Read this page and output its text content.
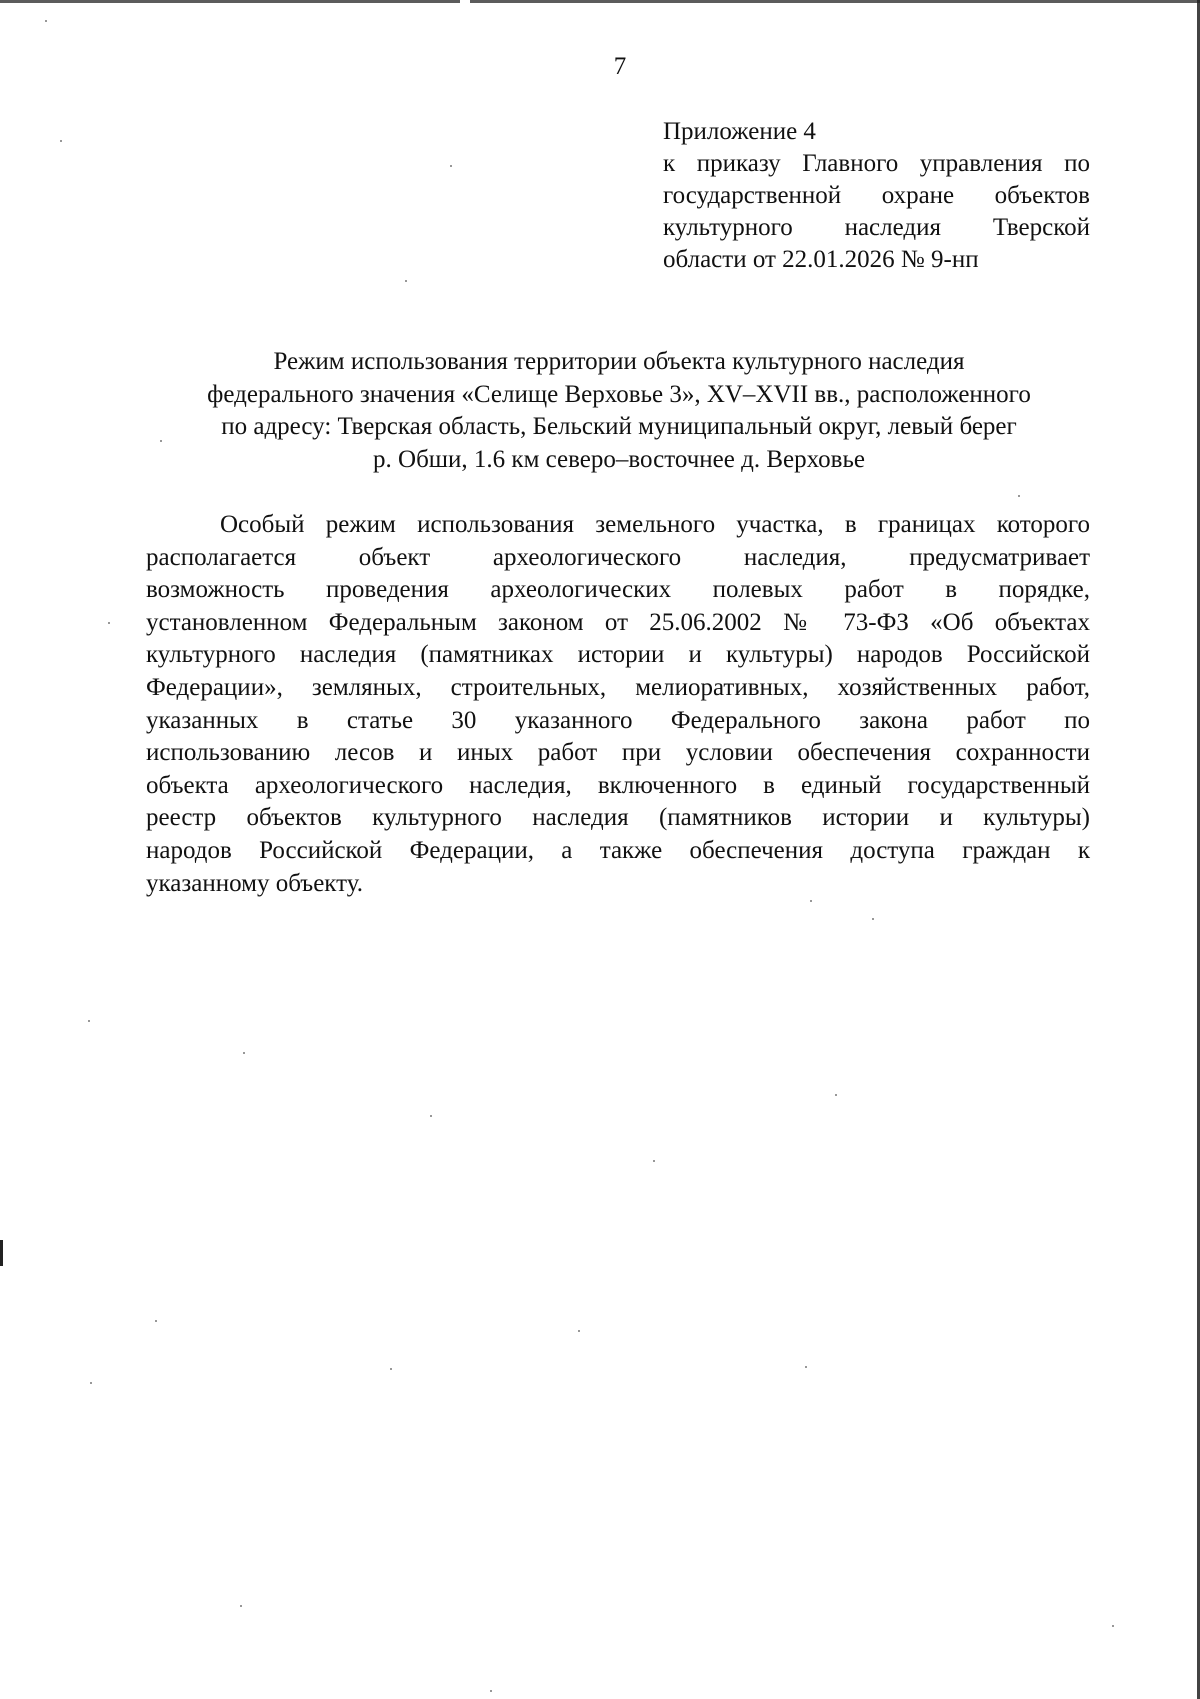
7
Приложение 4
к приказу Главного управления по
государственной охране объектов
культурного наследия Тверской
области от 22.01.2026 № 9-нп
Режим использования территории объекта культурного наследия
федерального значения «Селище Верховье 3», XV–XVII вв., расположенного
по адресу: Тверская область, Бельский муниципальный округ, левый берег
р. Обши, 1.6 км северо–восточнее д. Верховье
Особый режим использования земельного участка, в границах которого
располагается объект археологического наследия, предусматривает
возможность проведения археологических полевых работ в порядке,
установленном Федеральным законом от 25.06.2002 № 73-ФЗ «Об объектах
культурного наследия (памятниках истории и культуры) народов Российской
Федерации», земляных, строительных, мелиоративных, хозяйственных работ,
указанных в статье 30 указанного Федерального закона работ по
использованию лесов и иных работ при условии обеспечения сохранности
объекта археологического наследия, включенного в единый государственный
реестр объектов культурного наследия (памятников истории и культуры)
народов Российской Федерации, а также обеспечения доступа граждан к
указанному объекту.
